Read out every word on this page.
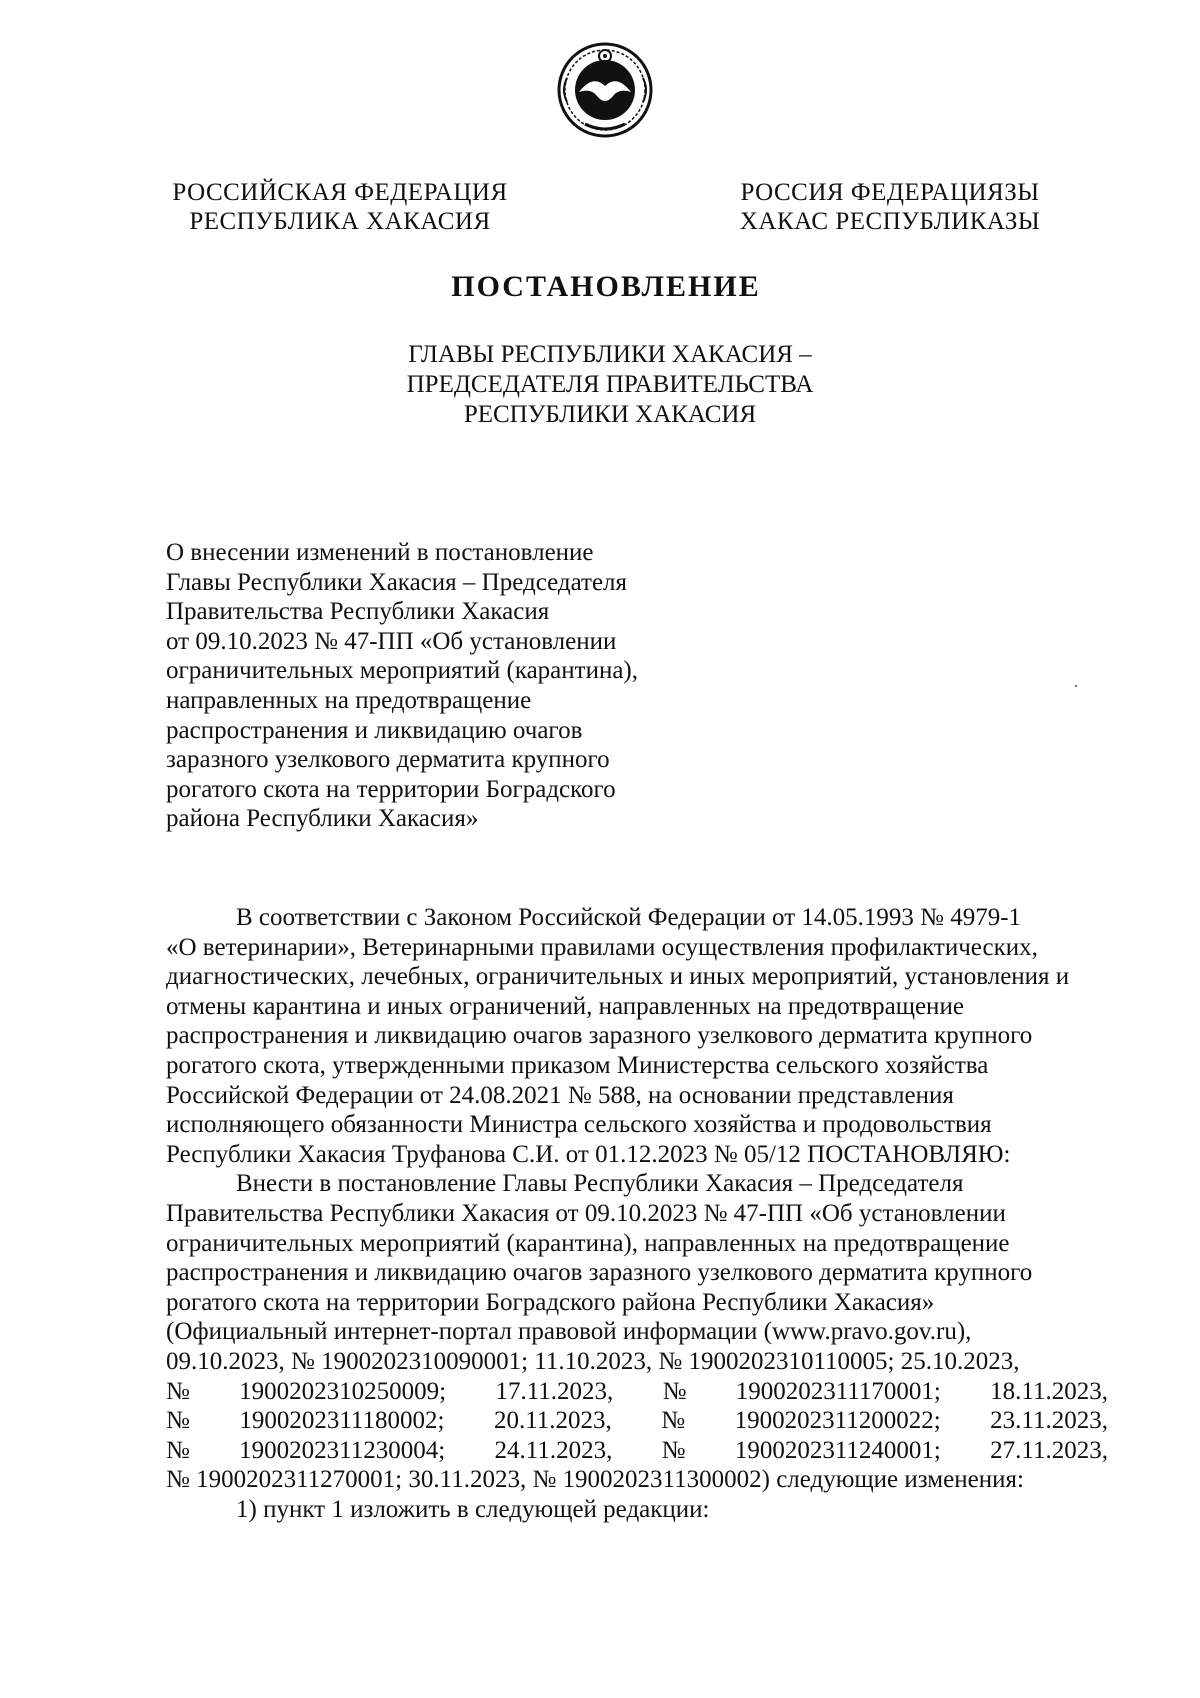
РОССИЙСКАЯ ФЕДЕРАЦИЯ
РЕСПУБЛИКА ХАКАСИЯ
РОССИЯ ФЕДЕРАЦИЯЗЫ
ХАКАС РЕСПУБЛИКАЗЫ
ПОСТАНОВЛЕНИЕ
ГЛАВЫ РЕСПУБЛИКИ ХАКАСИЯ –
ПРЕДСЕДАТЕЛЯ ПРАВИТЕЛЬСТВА
РЕСПУБЛИКИ ХАКАСИЯ
О внесении изменений в постановление
Главы Республики Хакасия – Председателя
Правительства Республики Хакасия
от 09.10.2023 № 47-ПП «Об установлении
ограничительных мероприятий (карантина),
направленных на предотвращение
распространения и ликвидацию очагов
заразного узелкового дерматита крупного
рогатого скота на территории Боградского
района Республики Хакасия»
В соответствии с Законом Российской Федерации от 14.05.1993 № 4979-1
«О ветеринарии», Ветеринарными правилами осуществления профилактических,
диагностических, лечебных, ограничительных и иных мероприятий, установления и
отмены карантина и иных ограничений, направленных на предотвращение
распространения и ликвидацию очагов заразного узелкового дерматита крупного
рогатого скота, утвержденными приказом Министерства сельского хозяйства
Российской Федерации от 24.08.2021 № 588, на основании представления
исполняющего обязанности Министра сельского хозяйства и продовольствия
Республики Хакасия Труфанова С.И. от 01.12.2023 № 05/12 ПОСТАНОВЛЯЮ:
Внести в постановление Главы Республики Хакасия – Председателя
Правительства Республики Хакасия от 09.10.2023 № 47-ПП «Об установлении
ограничительных мероприятий (карантина), направленных на предотвращение
распространения и ликвидацию очагов заразного узелкового дерматита крупного
рогатого скота на территории Боградского района Республики Хакасия»
(Официальный интернет-портал правовой информации (www.pravo.gov.ru),
09.10.2023, № 1900202310090001; 11.10.2023, № 1900202310110005; 25.10.2023,
№ 1900202310250009; 17.11.2023, № 1900202311170001; 18.11.2023,
№ 1900202311180002; 20.11.2023, № 1900202311200022; 23.11.2023,
№ 1900202311230004; 24.11.2023, № 1900202311240001; 27.11.2023,
№ 1900202311270001; 30.11.2023, № 1900202311300002) следующие изменения:
1) пункт 1 изложить в следующей редакции:
